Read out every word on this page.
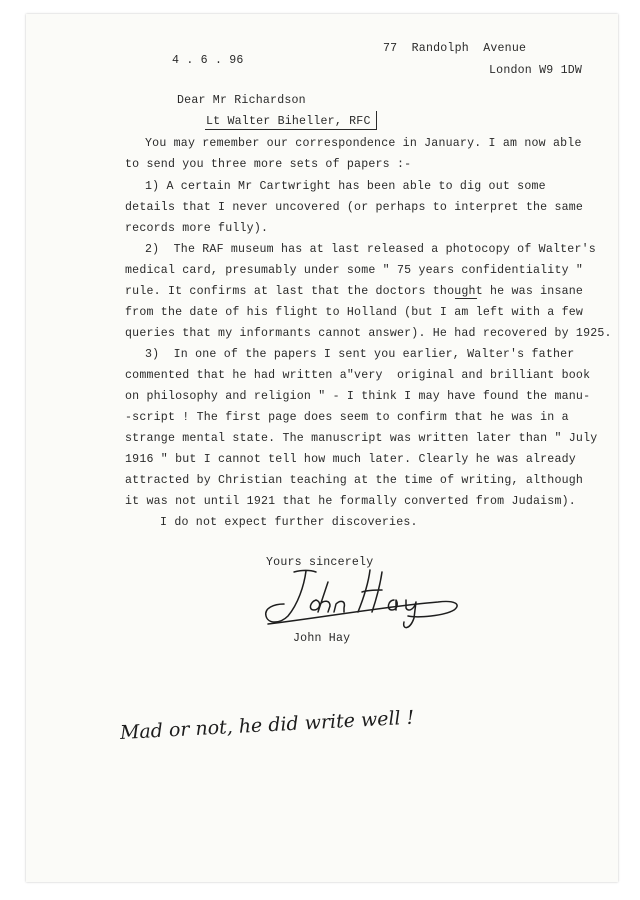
4 . 6 . 96
77  Randolph  Avenue
London W9 1DW
Dear Mr Richardson
Lt Walter Biheller, RFC
You may remember our correspondence in January. I am now able
to send you three more sets of papers :-
1) A certain Mr Cartwright has been able to dig out some
details that I never uncovered (or perhaps to interpret the same
records more fully).
2)  The RAF museum has at last released a photocopy of Walter's
medical card, presumably under some " 75 years confidentiality "
rule. It confirms at last that the doctors thought he was insane
from the date of his flight to Holland (but I am left with a few
queries that my informants cannot answer). He had recovered by 1925.
3)  In one of the papers I sent you earlier, Walter's father
commented that he had written a"very  original and brilliant book
on philosophy and religion " - I think I may have found the manu-
-script ! The first page does seem to confirm that he was in a
strange mental state. The manuscript was written later than " July
1916 " but I cannot tell how much later. Clearly he was already
attracted by Christian teaching at the time of writing, although
it was not until 1921 that he formally converted from Judaism).
I do not expect further discoveries.
Yours sincerely
John Hay
Mad or not, he did write well !
